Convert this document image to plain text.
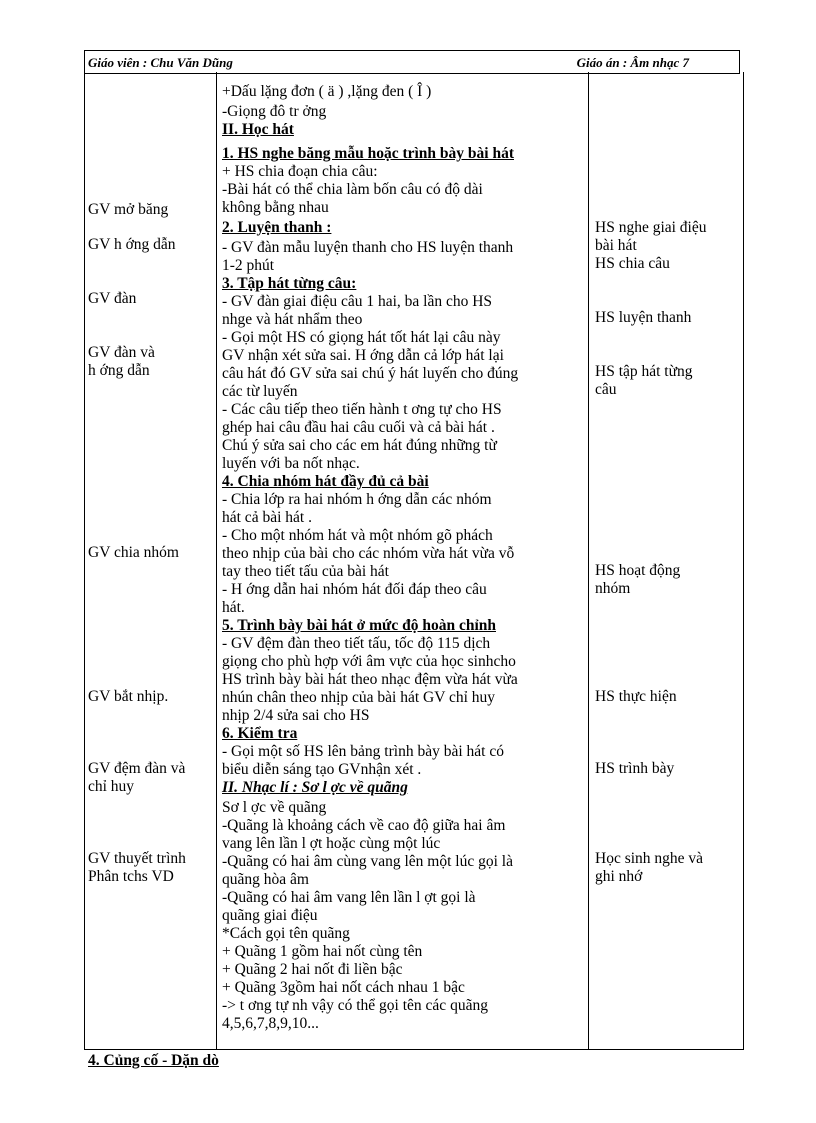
Giáo viên : Chu Văn Dũng	Giáo án : Âm nhạc 7
GV mở băng
GV h ớng dẫn
GV đàn
GV đàn và
h ớng dẫn
GV chia nhóm
GV bắt nhịp.
GV đệm đàn và
chỉ huy
GV thuyết trình
Phân tchs VD
+Dấu lặng đơn ( ä ) ,lặng đen ( Î )
-Giọng đô tr ởng
II. Học hát
1. HS nghe băng mẫu hoặc trình bày bài hát
+ HS chia đoạn chia câu:
-Bài hát có thể chia làm bốn câu có độ dài
không bằng nhau
2. Luyện thanh :
- GV đàn mẫu luyện thanh cho HS luyện thanh
1-2 phút
3. Tập hát từng câu:
- GV đàn giai điệu câu 1 hai, ba lần cho HS
nhge và hát nhẩm theo
- Gọi một HS có giọng hát tốt hát lại câu này
GV nhận xét sửa sai. H ớng dẫn cả lớp hát lại
câu hát đó GV sửa sai chú ý hát luyến cho đúng
các từ luyến
- Các câu tiếp theo tiến hành t ơng tự cho HS
ghép hai câu đầu hai câu cuối và cả bài hát .
Chú ý sửa sai cho các em hát đúng những từ
luyến với ba nốt nhạc.
4. Chia nhóm hát đầy đủ cả bài
- Chia lớp ra hai nhóm h ớng dẫn các nhóm
hát cả bài hát .
- Cho một nhóm hát và một nhóm gõ phách
theo nhịp của bài cho các nhóm vừa hát vừa vỗ
tay theo tiết tấu của bài hát
- H ớng dẫn hai nhóm hát đối đáp theo câu
hát.
5. Trình bày bài hát ở mức độ hoàn chỉnh
- GV đệm đàn theo tiết tấu, tốc độ 115 dịch
giọng cho phù hợp với âm vực của học sinhcho
HS trình bày bài hát theo nhạc đệm vừa hát vừa
nhún chân theo nhịp của bài hát GV chỉ huy
nhịp 2/4 sửa sai cho HS
6. Kiểm tra
- Gọi một số HS lên bảng trình bày bài hát có
biểu diễn sáng tạo GVnhận xét .
II. Nhạc lí : Sơ l ợc về quãng
Sơ l ợc về quãng
-Quãng là khoảng cách về cao độ giữa hai âm
vang lên lần l ợt hoặc cùng một lúc
-Quãng có hai âm cùng vang lên một lúc gọi là
quãng hòa âm
-Quãng có hai âm vang lên lần l ợt gọi là
quãng giai điệu
*Cách gọi tên quãng
+ Quãng 1 gồm hai nốt cùng tên
+ Quãng 2 hai nốt đi liền bậc
+ Quãng 3gồm hai nốt cách nhau 1 bậc
-> t ơng tự nh vậy có thể gọi tên các quãng
4,5,6,7,8,9,10...
HS nghe giai điệu
bài hát
HS chia câu
HS luyện thanh
HS tập hát từng
câu
HS hoạt động
nhóm
HS thực hiện
HS trình bày
Học sinh nghe và
ghi nhớ
4. Củng cố - Dặn dò
